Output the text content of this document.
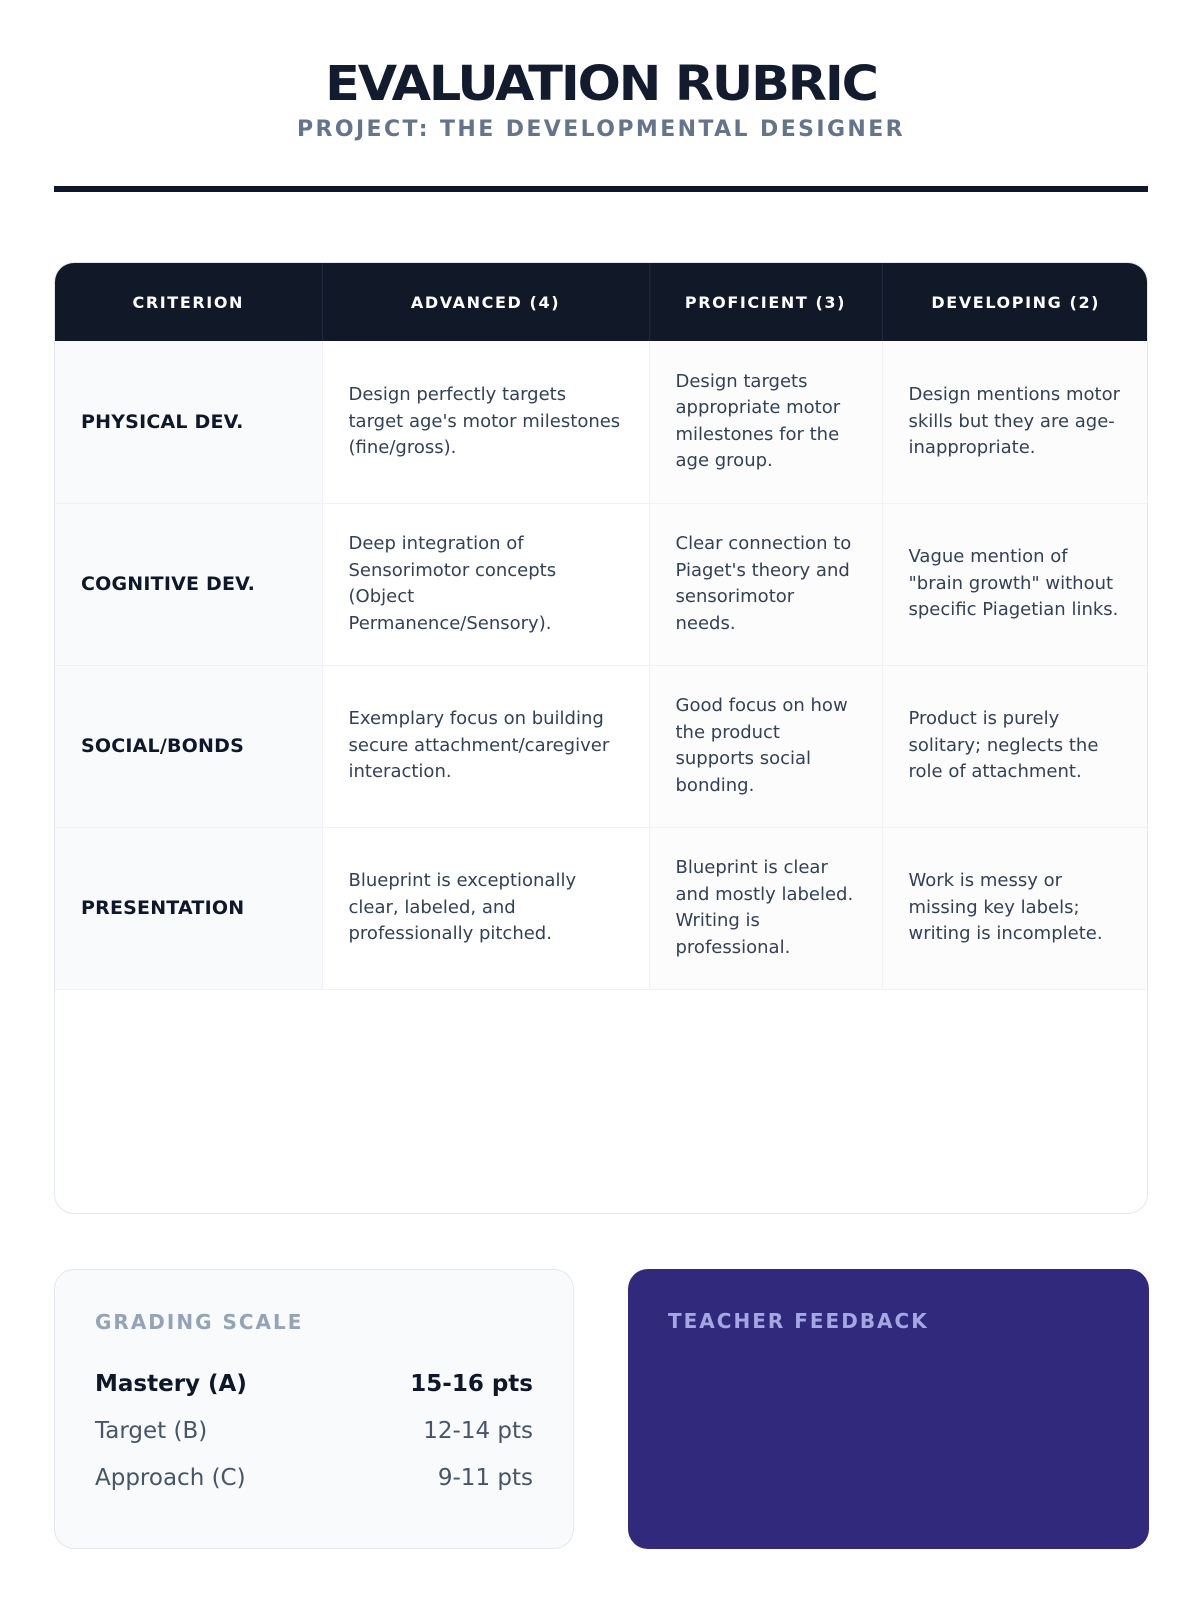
EVALUATION RUBRIC
PROJECT: THE DEVELOPMENTAL DESIGNER
CRITERION	ADVANCED (4)	PROFICIENT (3)	DEVELOPING (2)
PHYSICAL DEV.	Design perfectly targets target age's motor milestones (fine/gross).	Design targets appropriate motor milestones for the age group.	Design mentions motor skills but they are age-inappropriate.
COGNITIVE DEV.	Deep integration of Sensorimotor concepts (Object Permanence/Sensory).	Clear connection to Piaget's theory and sensorimotor needs.	Vague mention of "brain growth" without specific Piagetian links.
SOCIAL/BONDS	Exemplary focus on building secure attachment/caregiver interaction.	Good focus on how the product supports social bonding.	Product is purely solitary; neglects the role of attachment.
PRESENTATION	Blueprint is exceptionally clear, labeled, and professionally pitched.	Blueprint is clear and mostly labeled. Writing is professional.	Work is messy or missing key labels; writing is incomplete.
GRADING SCALE
Mastery (A)	15-16 pts
Target (B)	12-14 pts
Approach (C)	9-11 pts
TEACHER FEEDBACK
